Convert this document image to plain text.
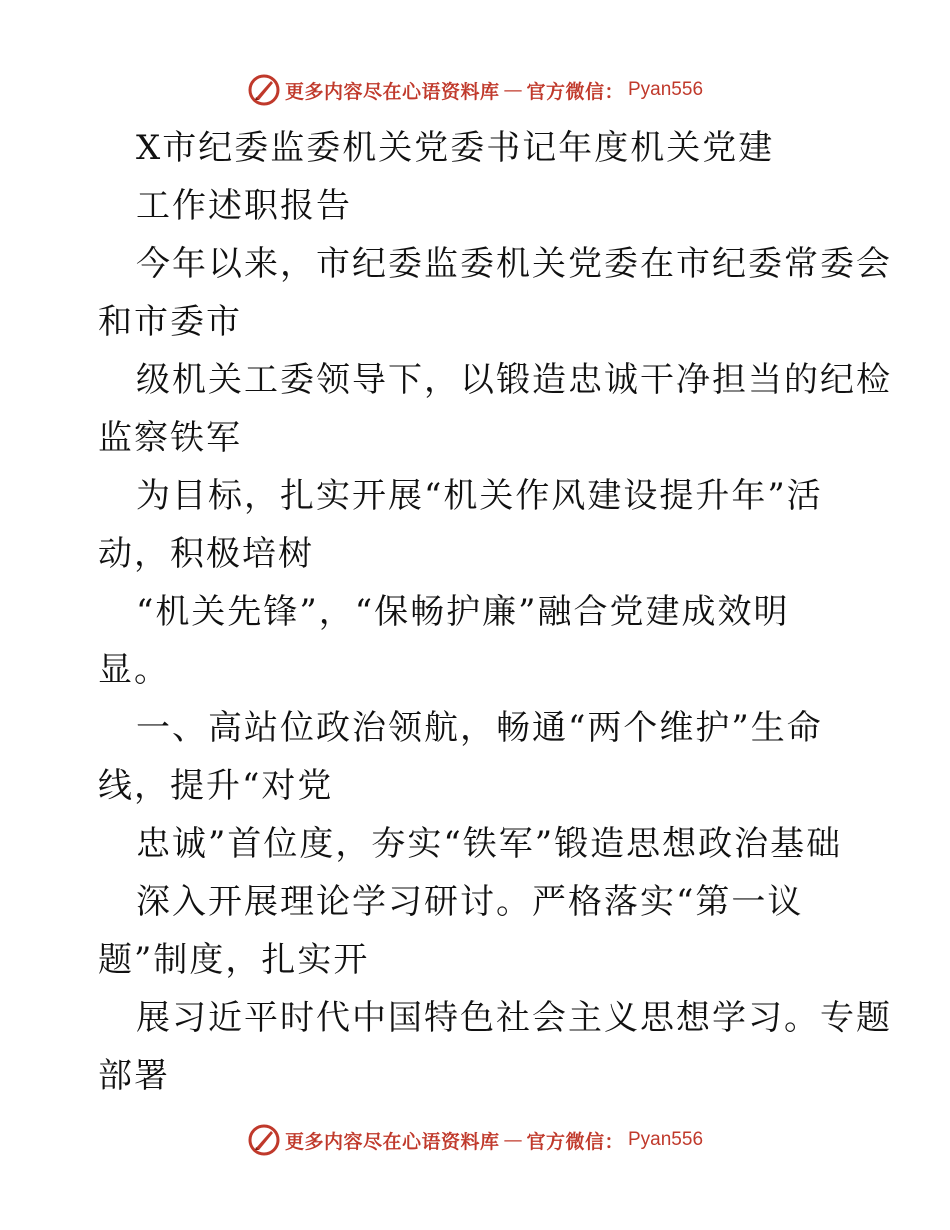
更多内容尽在心语资料库 — 官方微信： Pyan556
X市纪委监委机关党委书记年度机关党建
工作述职报告
今年以来，市纪委监委机关党委在市纪委常委会
和市委市
级机关工委领导下，以锻造忠诚干净担当的纪检
监察铁军
为目标，扎实开展“机关作风建设提升年”活
动，积极培树
“机关先锋”，“保畅护廉”融合党建成效明
显。
一、高站位政治领航，畅通“两个维护”生命
线，提升“对党
忠诚”首位度，夯实“铁军”锻造思想政治基础
深入开展理论学习研讨。严格落实“第一议
题”制度，扎实开
展习近平时代中国特色社会主义思想学习。专题
部署
更多内容尽在心语资料库 — 官方微信： Pyan556
